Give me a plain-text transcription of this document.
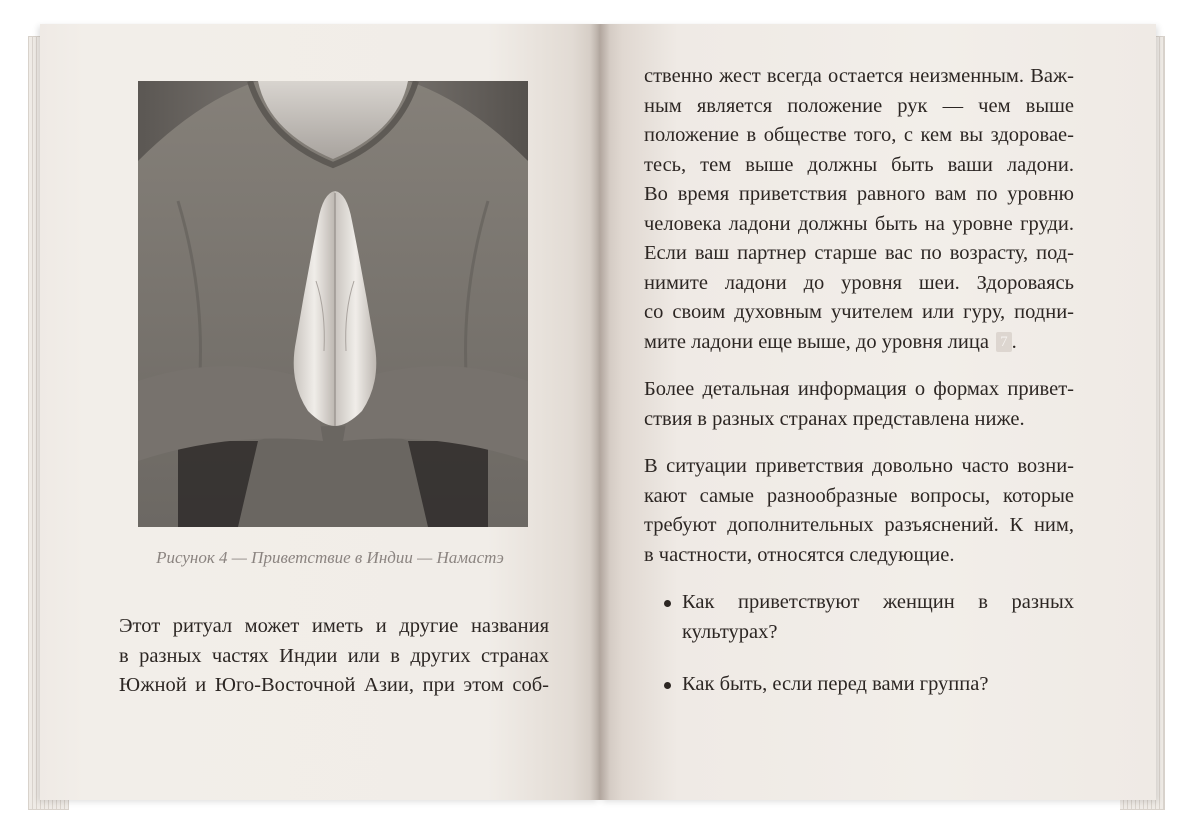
Рисунок 4 — Приветствие в Индии — Намастэ

Этот ритуал может иметь и другие названия
в разных частях Индии или в других странах
Южной и Юго-Восточной Азии, при этом соб-
ственно жест всегда остается неизменным. Важ-
ным является положение рук — чем выше
положение в обществе того, с кем вы здоровае-
тесь, тем выше должны быть ваши ладони.
Во время приветствия равного вам по уровню
человека ладони должны быть на уровне груди.
Если ваш партнер старше вас по возрасту, под-
нимите ладони до уровня шеи. Здороваясь
со своим духовным учителем или гуру, подни-
мите ладони еще выше, до уровня лица 7 .
Более детальная информация о формах привет-
ствия в разных странах представлена ниже.
В ситуации приветствия довольно часто возни-
кают самые разнообразные вопросы, которые
требуют дополнительных разъяснений. К ним,
в частности, относятся следующие.
Как приветствуют женщин в разных
культурах?
Как быть, если перед вами группа?
